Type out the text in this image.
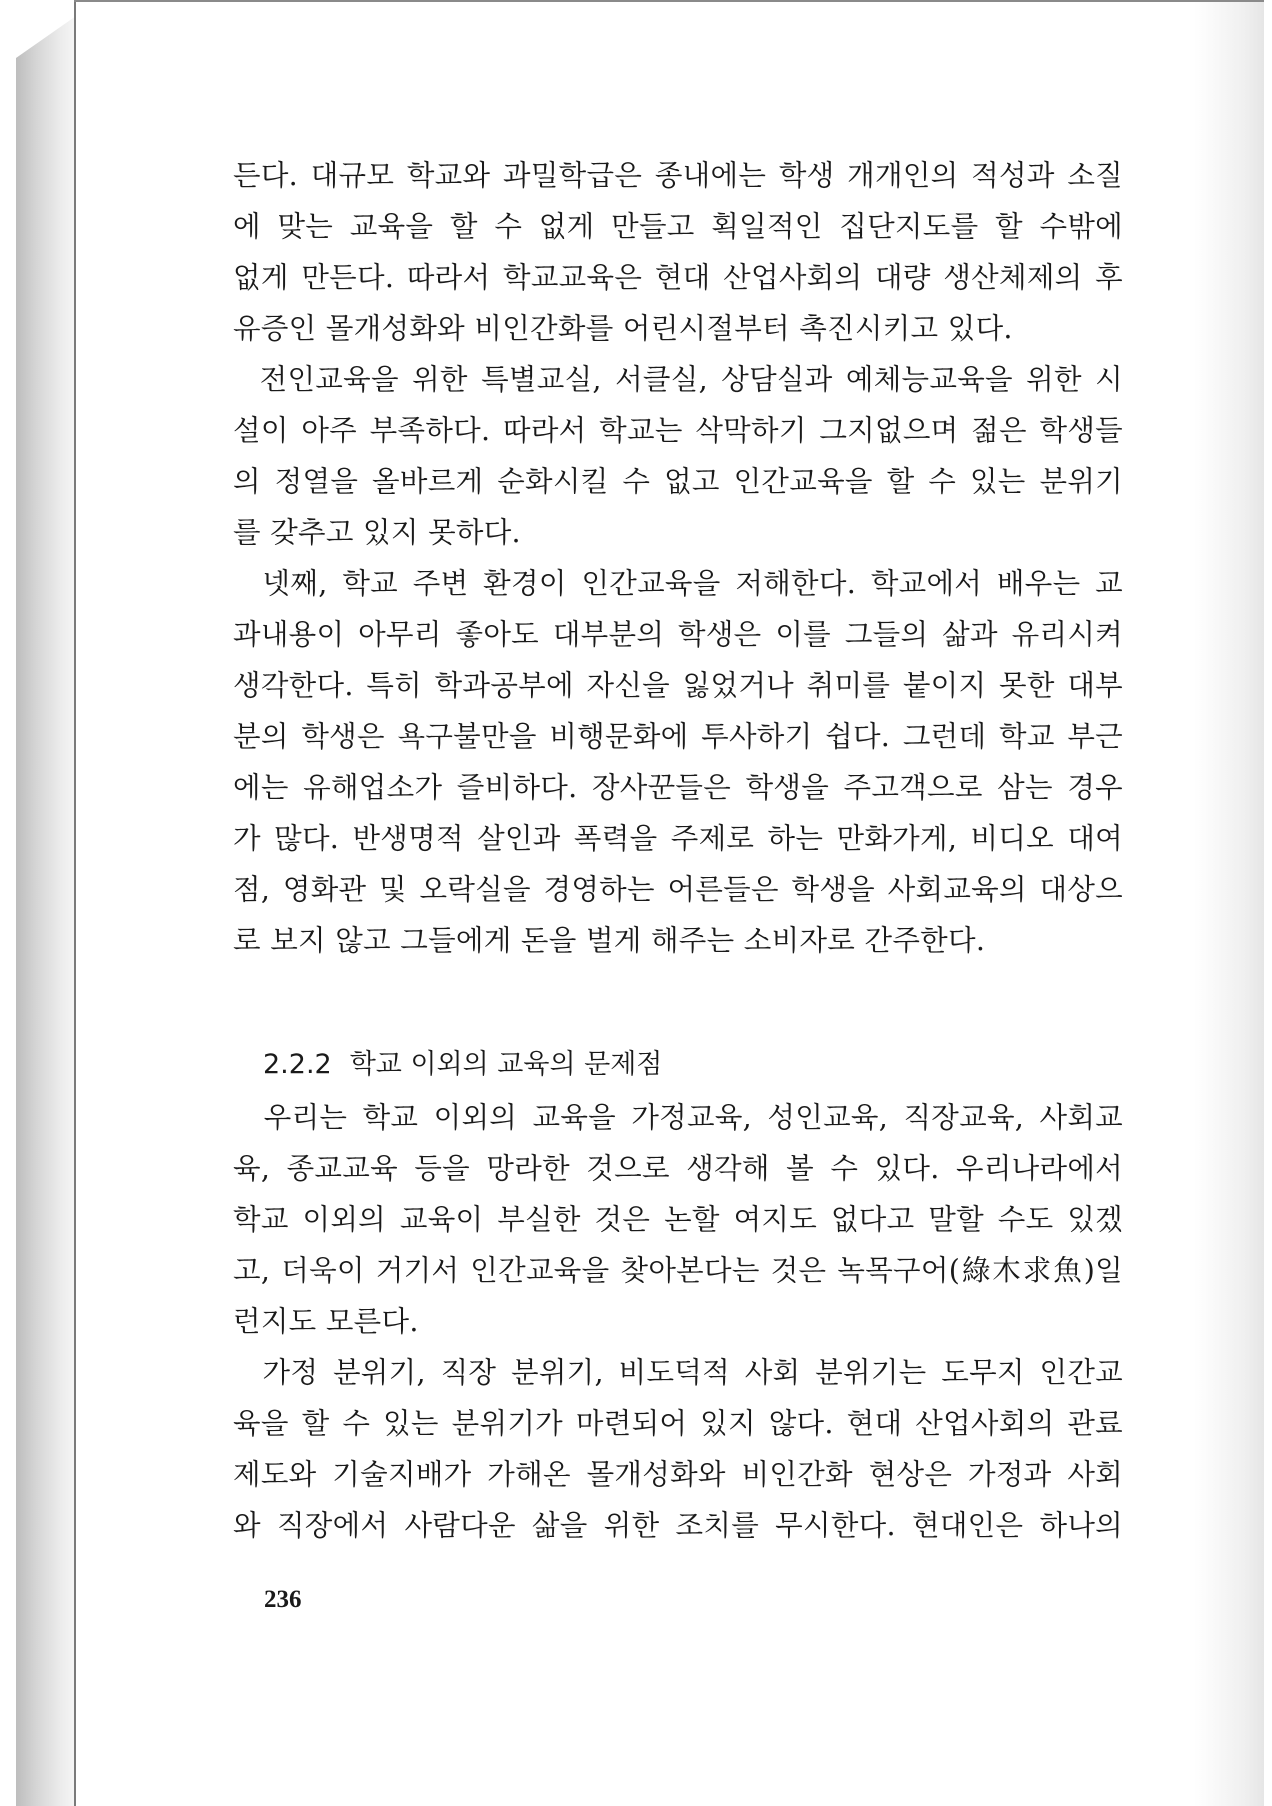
든다. 대규모 학교와 과밀학급은 종내에는 학생 개개인의 적성과 소질
에 맞는 교육을 할 수 없게 만들고 획일적인 집단지도를 할 수밖에
없게 만든다. 따라서 학교교육은 현대 산업사회의 대량 생산체제의 후
유증인 몰개성화와 비인간화를 어린시절부터 촉진시키고 있다.
전인교육을 위한 특별교실, 서클실, 상담실과 예체능교육을 위한 시
설이 아주 부족하다. 따라서 학교는 삭막하기 그지없으며 젊은 학생들
의 정열을 올바르게 순화시킬 수 없고 인간교육을 할 수 있는 분위기
를 갖추고 있지 못하다.
넷째, 학교 주변 환경이 인간교육을 저해한다. 학교에서 배우는 교
과내용이 아무리 좋아도 대부분의 학생은 이를 그들의 삶과 유리시켜
생각한다. 특히 학과공부에 자신을 잃었거나 취미를 붙이지 못한 대부
분의 학생은 욕구불만을 비행문화에 투사하기 쉽다. 그런데 학교 부근
에는 유해업소가 즐비하다. 장사꾼들은 학생을 주고객으로 삼는 경우
가 많다. 반생명적 살인과 폭력을 주제로 하는 만화가게, 비디오 대여
점, 영화관 및 오락실을 경영하는 어른들은 학생을 사회교육의 대상으
로 보지 않고 그들에게 돈을 벌게 해주는 소비자로 간주한다.
2.2.2 학교 이외의 교육의 문제점
우리는 학교 이외의 교육을 가정교육, 성인교육, 직장교육, 사회교
육, 종교교육 등을 망라한 것으로 생각해 볼 수 있다. 우리나라에서
학교 이외의 교육이 부실한 것은 논할 여지도 없다고 말할 수도 있겠
고, 더욱이 거기서 인간교육을 찾아본다는 것은 녹목구어(綠木求魚)일
런지도 모른다.
가정 분위기, 직장 분위기, 비도덕적 사회 분위기는 도무지 인간교
육을 할 수 있는 분위기가 마련되어 있지 않다. 현대 산업사회의 관료
제도와 기술지배가 가해온 몰개성화와 비인간화 현상은 가정과 사회
와 직장에서 사람다운 삶을 위한 조치를 무시한다. 현대인은 하나의
236
